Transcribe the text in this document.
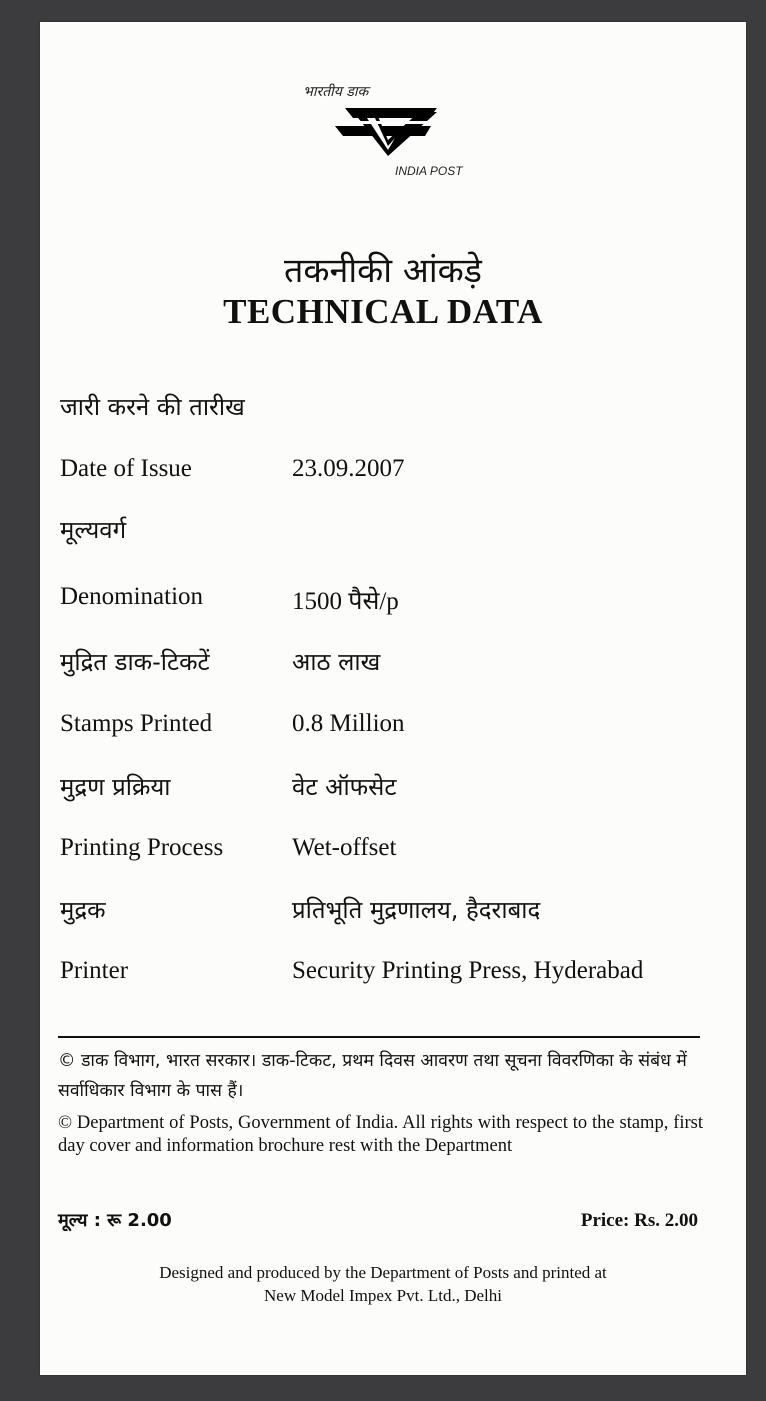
भारतीय डाक
INDIA POST
तकनीकी आंकड़े
TECHNICAL DATA
जारी करने की तारीख
Date of Issue	23.09.2007
मूल्यवर्ग
Denomination	1500 पैसे/p
मुद्रित डाक-टिकटें	आठ लाख
Stamps Printed	0.8 Million
मुद्रण प्रक्रिया	वेट ऑफसेट
Printing Process	Wet-offset
मुद्रक	प्रतिभूति मुद्रणालय, हैदराबाद
Printer	Security Printing Press, Hyderabad
© डाक विभाग, भारत सरकार। डाक-टिकट, प्रथम दिवस आवरण तथा सूचना विवरणिका के संबंध में सर्वाधिकार विभाग के पास हैं।
© Department of Posts, Government of India. All rights with respect to the stamp, first day cover and information brochure rest with the Department
मूल्य : रू 2.00	Price: Rs. 2.00
Designed and produced by the Department of Posts and printed at
New Model Impex Pvt. Ltd., Delhi
